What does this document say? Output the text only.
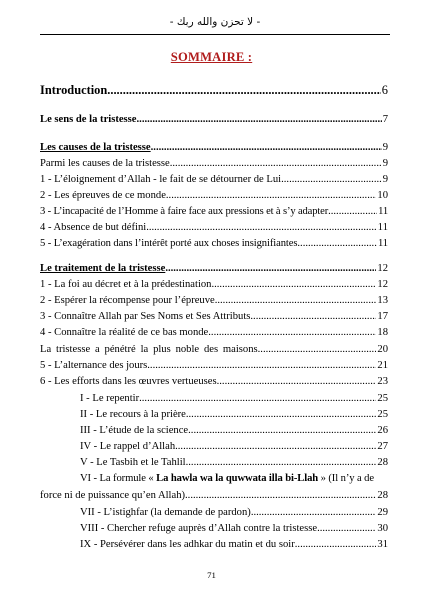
- لا تحزن والله ربك -
SOMMAIRE :
Introduction .....	6
Le sens de la tristesse .....	7
Les causes de la tristesse .....	9
Parmi les causes de la tristesse .....	9
1 - L’éloignement d’Allah - le fait de se détourner de Lui .....	9
2 - Les épreuves de ce monde .....	10
3 - L’incapacité de l’Homme à faire face aux pressions et à s’y adapter .....	11
4 - Absence de but défini .....	11
5 - L’exagération dans l’intérêt porté aux choses insignifiantes .....	11
Le traitement de la tristesse .....	12
1 - La foi au décret et à la prédestination .....	12
2 - Espérer la récompense pour l’épreuve .....	13
3 - Connaître Allah par Ses Noms et Ses Attributs .....	17
4 - Connaître la réalité de ce bas monde .....	18
La tristesse a pénétré la plus noble des maisons .....	20
5 - L’alternance des jours .....	21
6 - Les efforts dans les œuvres vertueuses .....	23
I - Le repentir .....	25
II - Le recours à la prière .....	25
III - L’étude de la science .....	26
IV - Le rappel d’Allah .....	27
V - Le Tasbih et le Tahlil .....	28
VI - La formule « La hawla wa la quwwata illa bi-Llah » (Il n’y a de
force ni de puissance qu’en Allah) .....	28
VII - L’istighfar (la demande de pardon) .....	29
VIII - Chercher refuge auprès d’Allah contre la tristesse .....	30
IX - Persévérer dans les adhkar du matin et du soir .....	31
71
